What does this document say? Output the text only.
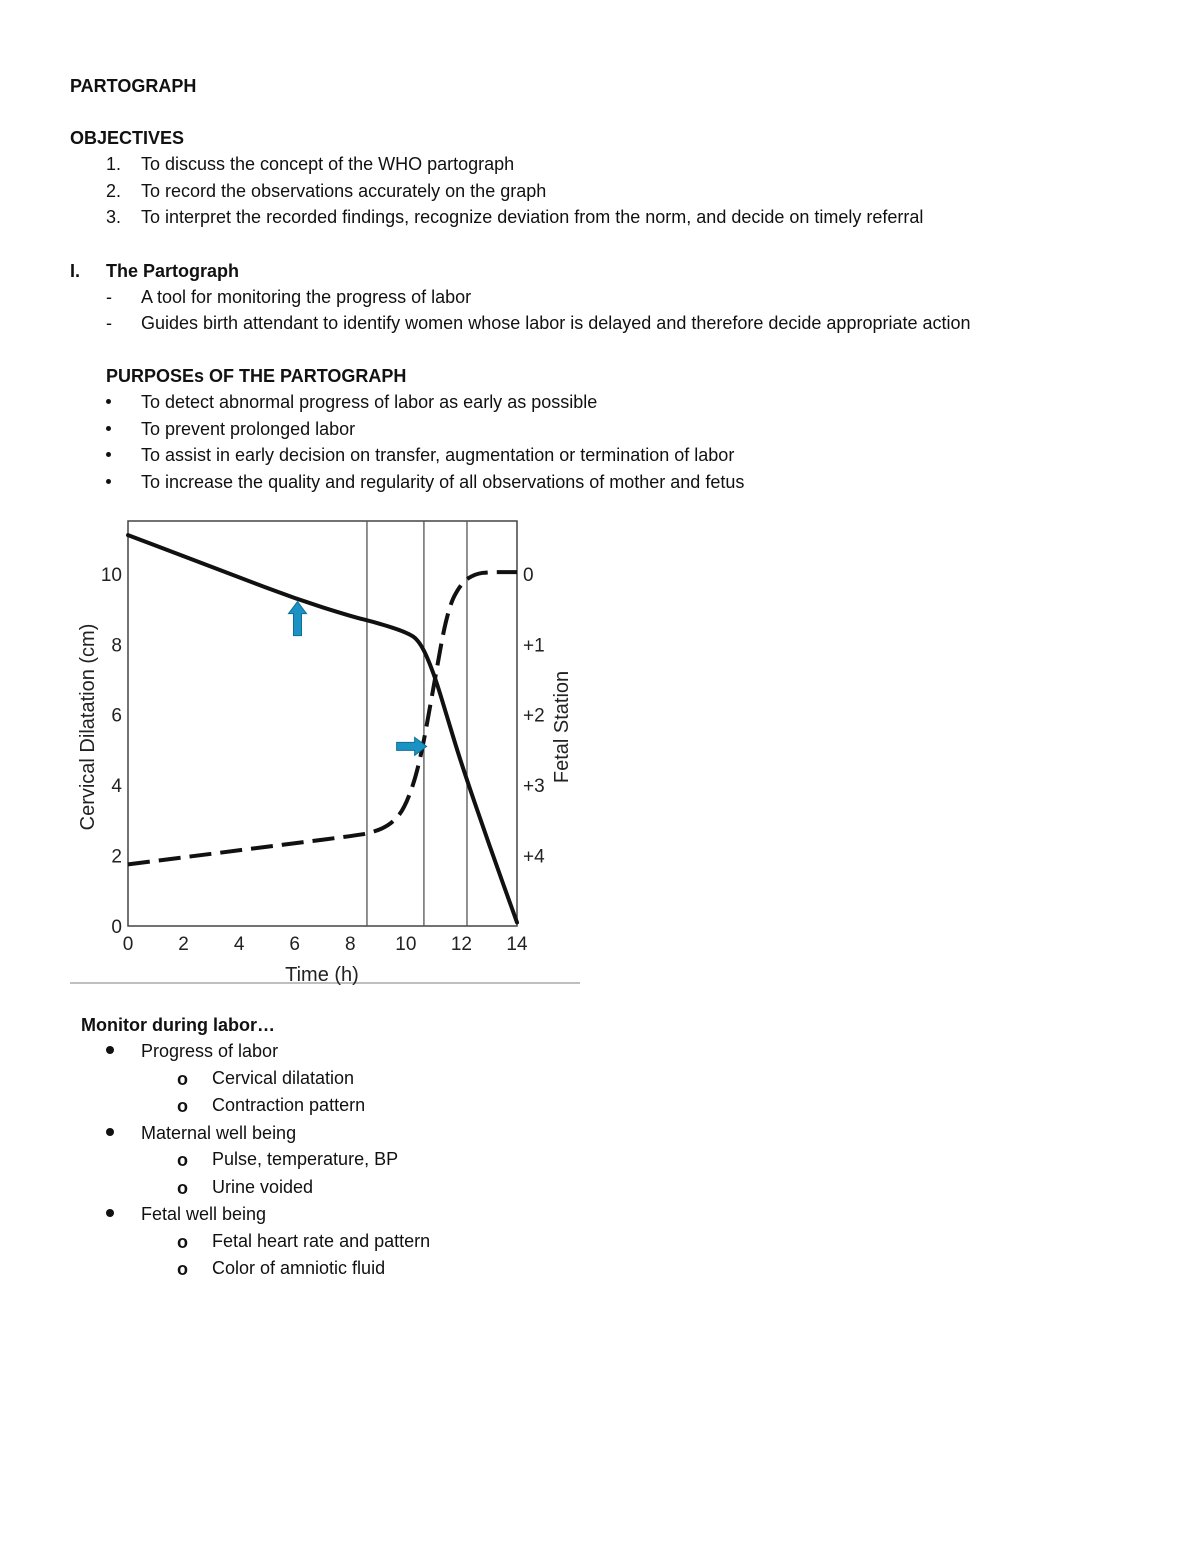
PARTOGRAPH
OBJECTIVES
1. To discuss the concept of the WHO partograph
2. To record the observations accurately on the graph
3. To interpret the recorded findings, recognize deviation from the norm, and decide on timely referral
I. The Partograph
- A tool for monitoring the progress of labor
- Guides birth attendant to identify women whose labor is delayed and therefore decide appropriate action
PURPOSEs OF THE PARTOGRAPH
To detect abnormal progress of labor as early as possible
To prevent prolonged labor
To assist in early decision on transfer, augmentation or termination of labor
To increase the quality and regularity of all observations of mother and fetus
Time (h)
Cervical Dilatation (cm)	Fetal Station
0 2 4 6 8 10 12 14
0
2
4
6
8
10	0
+1
+2
+3
+4
Monitor during labor…
Progress of labor
o Cervical dilatation
o Contraction pattern
Maternal well being
o Pulse, temperature, BP
o Urine voided
Fetal well being
o Fetal heart rate and pattern
o Color of amniotic fluid
